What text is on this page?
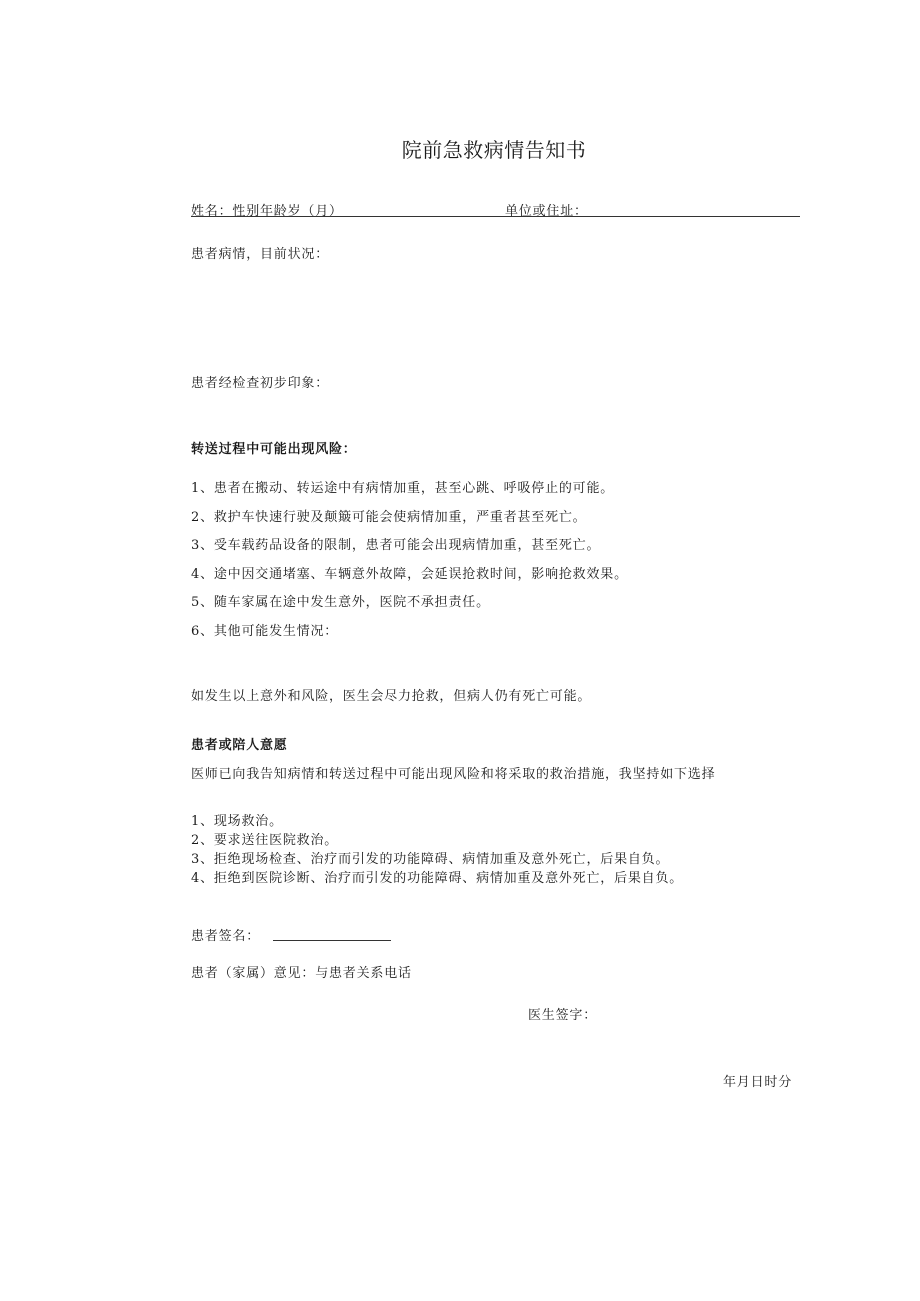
院前急救病情告知书
姓名：性别年龄岁（月）	单位或住址：
患者病情，目前状况：
患者经检查初步印象：
转送过程中可能出现风险：
1、患者在搬动、转运途中有病情加重，甚至心跳、呼吸停止的可能。
2、救护车快速行驶及颠簸可能会使病情加重，严重者甚至死亡。
3、受车载药品设备的限制，患者可能会出现病情加重，甚至死亡。
4、途中因交通堵塞、车辆意外故障，会延误抢救时间，影响抢救效果。
5、随车家属在途中发生意外，医院不承担责任。
6、其他可能发生情况：
如发生以上意外和风险，医生会尽力抢救，但病人仍有死亡可能。
患者或陪人意愿
医师已向我告知病情和转送过程中可能出现风险和将采取的救治措施，我坚持如下选择
1、现场救治。
2、要求送往医院救治。
3、拒绝现场检查、治疗而引发的功能障碍、病情加重及意外死亡，后果自负。
4、拒绝到医院诊断、治疗而引发的功能障碍、病情加重及意外死亡，后果自负。
患者签名：
患者（家属）意见：与患者关系电话
医生签字：
年月日时分
